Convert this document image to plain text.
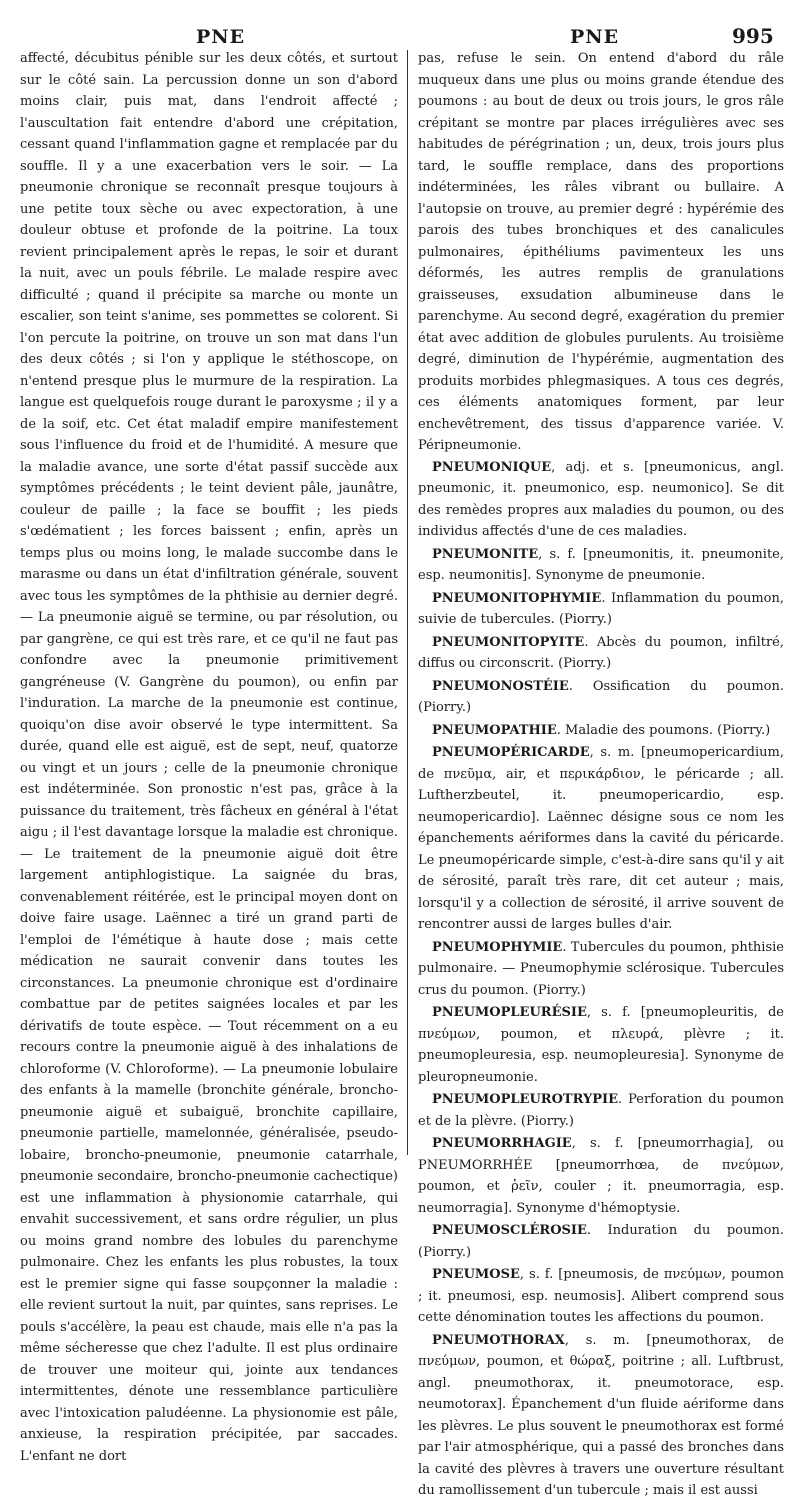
PNE	PNE	995

affecté, décubitus pénible sur les deux côtés, et surtout sur le côté sain. La percussion donne un son d'abord moins clair, puis mat, dans l'endroit affecté ; l'auscultation fait entendre d'abord une crépitation, cessant quand l'inflammation gagne et remplacée par du souffle. Il y a une exacerbation vers le soir. — La pneumonie chronique se reconnaît presque toujours à une petite toux sèche ou avec expectoration, à une douleur obtuse et profonde de la poitrine. La toux revient principalement après le repas, le soir et durant la nuit, avec un pouls fébrile. Le malade respire avec difficulté ; quand il précipite sa marche ou monte un escalier, son teint s'anime, ses pommettes se colorent. Si l'on percute la poitrine, on trouve un son mat dans l'un des deux côtés ; si l'on y applique le stéthoscope, on n'entend presque plus le murmure de la respiration. La langue est quelquefois rouge durant le paroxysme ; il y a de la soif, etc. Cet état maladif empire manifestement sous l'influence du froid et de l'humidité. A mesure que la maladie avance, une sorte d'état passif succède aux symptômes précédents ; le teint devient pâle, jaunâtre, couleur de paille ; la face se bouffit ; les pieds s'œdématient ; les forces baissent ; enfin, après un temps plus ou moins long, le malade succombe dans le marasme ou dans un état d'infiltration générale, souvent avec tous les symptômes de la phthisie au dernier degré. — La pneumonie aiguë se termine, ou par résolution, ou par gangrène, ce qui est très rare, et ce qu'il ne faut pas confondre avec la pneumonie primitivement gangréneuse (V. Gangrène du poumon), ou enfin par l'induration. La marche de la pneumonie est continue, quoiqu'on dise avoir observé le type intermittent. Sa durée, quand elle est aiguë, est de sept, neuf, quatorze ou vingt et un jours ; celle de la pneumonie chronique est indéterminée. Son pronostic n'est pas, grâce à la puissance du traitement, très fâcheux en général à l'état aigu ; il l'est davantage lorsque la maladie est chronique. — Le traitement de la pneumonie aiguë doit être largement antiphlogistique. La saignée du bras, convenablement réitérée, est le principal moyen dont on doive faire usage. Laënnec a tiré un grand parti de l'emploi de l'émétique à haute dose ; mais cette médication ne saurait convenir dans toutes les circonstances. La pneumonie chronique est d'ordinaire combattue par de petites saignées locales et par les dérivatifs de toute espèce. — Tout récemment on a eu recours contre la pneumonie aiguë à des inhalations de chloroforme (V. Chloroforme). — La pneumonie lobulaire des enfants à la mamelle (bronchite générale, broncho-pneumonie aiguë et subaiguë, bronchite capillaire, pneumonie partielle, mamelonnée, généralisée, pseudo-lobaire, broncho-pneumonie, pneumonie catarrhale, pneumonie secondaire, broncho-pneumonie cachectique) est une inflammation à physionomie catarrhale, qui envahit successivement, et sans ordre régulier, un plus ou moins grand nombre des lobules du parenchyme pulmonaire. Chez les enfants les plus robustes, la toux est le premier signe qui fasse soupçonner la maladie : elle revient surtout la nuit, par quintes, sans reprises. Le pouls s'accélère, la peau est chaude, mais elle n'a pas la même sécheresse que chez l'adulte. Il est plus ordinaire de trouver une moiteur qui, jointe aux tendances intermittentes, dénote une ressemblance particulière avec l'intoxication paludéenne. La physionomie est pâle, anxieuse, la respiration précipitée, par saccades. L'enfant ne dort

pas, refuse le sein. On entend d'abord du râle muqueux dans une plus ou moins grande étendue des poumons : au bout de deux ou trois jours, le gros râle crépitant se montre par places irrégulières avec ses habitudes de pérégrination ; un, deux, trois jours plus tard, le souffle remplace, dans des proportions indéterminées, les râles vibrant ou bullaire. A l'autopsie on trouve, au premier degré : hypérémie des parois des tubes bronchiques et des canalicules pulmonaires, épithéliums pavimenteux les uns déformés, les autres remplis de granulations graisseuses, exsudation albumineuse dans le parenchyme. Au second degré, exagération du premier état avec addition de globules purulents. Au troisième degré, diminution de l'hypérémie, augmentation des produits morbides phlegmasiques. A tous ces degrés, ces éléments anatomiques forment, par leur enchevêtrement, des tissus d'apparence variée. V. Péripneumonie.

PNEUMONIQUE, adj. et s. [pneumonicus, angl. pneumonic, it. pneumonico, esp. neumonico]. Se dit des remèdes propres aux maladies du poumon, ou des individus affectés d'une de ces maladies.

PNEUMONITE, s. f. [pneumonitis, it. pneumonite, esp. neumonitis]. Synonyme de pneumonie.

PNEUMONITOPHYMIE. Inflammation du poumon, suivie de tubercules. (Piorry.)

PNEUMONITOPYITE. Abcès du poumon, infiltré, diffus ou circonscrit. (Piorry.)

PNEUMONOSTÉIE. Ossification du poumon. (Piorry.)

PNEUMOPATHIE. Maladie des poumons. (Piorry.)

PNEUMOPÉRICARDE, s. m. [pneumopericardium, de πνεῦμα, air, et περικάρδιον, le péricarde ; all. Luftherzbeutel, it. pneumopericardio, esp. neumopericardio]. Laënnec désigne sous ce nom les épanchements aériformes dans la cavité du péricarde. Le pneumopéricarde simple, c'est-à-dire sans qu'il y ait de sérosité, paraît très rare, dit cet auteur ; mais, lorsqu'il y a collection de sérosité, il arrive souvent de rencontrer aussi de larges bulles d'air.

PNEUMOPHYMIE. Tubercules du poumon, phthisie pulmonaire. — Pneumophymie sclérosique. Tubercules crus du poumon. (Piorry.)

PNEUMOPLEURÉSIE, s. f. [pneumopleuritis, de πνεύμων, poumon, et πλευρά, plèvre ; it. pneumopleuresia, esp. neumopleuresia]. Synonyme de pleuropneumonie.

PNEUMOPLEUROTRYPIE. Perforation du poumon et de la plèvre. (Piorry.)

PNEUMORRHAGIE, s. f. [pneumorrhagia], ou PNEUMORRHÉE [pneumorrhœa, de πνεύμων, poumon, et ῥεῖν, couler ; it. pneumorragia, esp. neumorragia]. Synonyme d'hémoptysie.

PNEUMOSCLÉROSIE. Induration du poumon. (Piorry.)

PNEUMOSE, s. f. [pneumosis, de πνεύμων, poumon ; it. pneumosi, esp. neumosis]. Alibert comprend sous cette dénomination toutes les affections du poumon.

PNEUMOTHORAX, s. m. [pneumothorax, de πνεύμων, poumon, et θώραξ, poitrine ; all. Luftbrust, angl. pneumothorax, it. pneumotorace, esp. neumotorax]. Épanchement d'un fluide aériforme dans les plèvres. Le plus souvent le pneumothorax est formé par l'air atmosphérique, qui a passé des bronches dans la cavité des plèvres à travers une ouverture résultant du ramollissement d'un tubercule ; mais il est aussi
